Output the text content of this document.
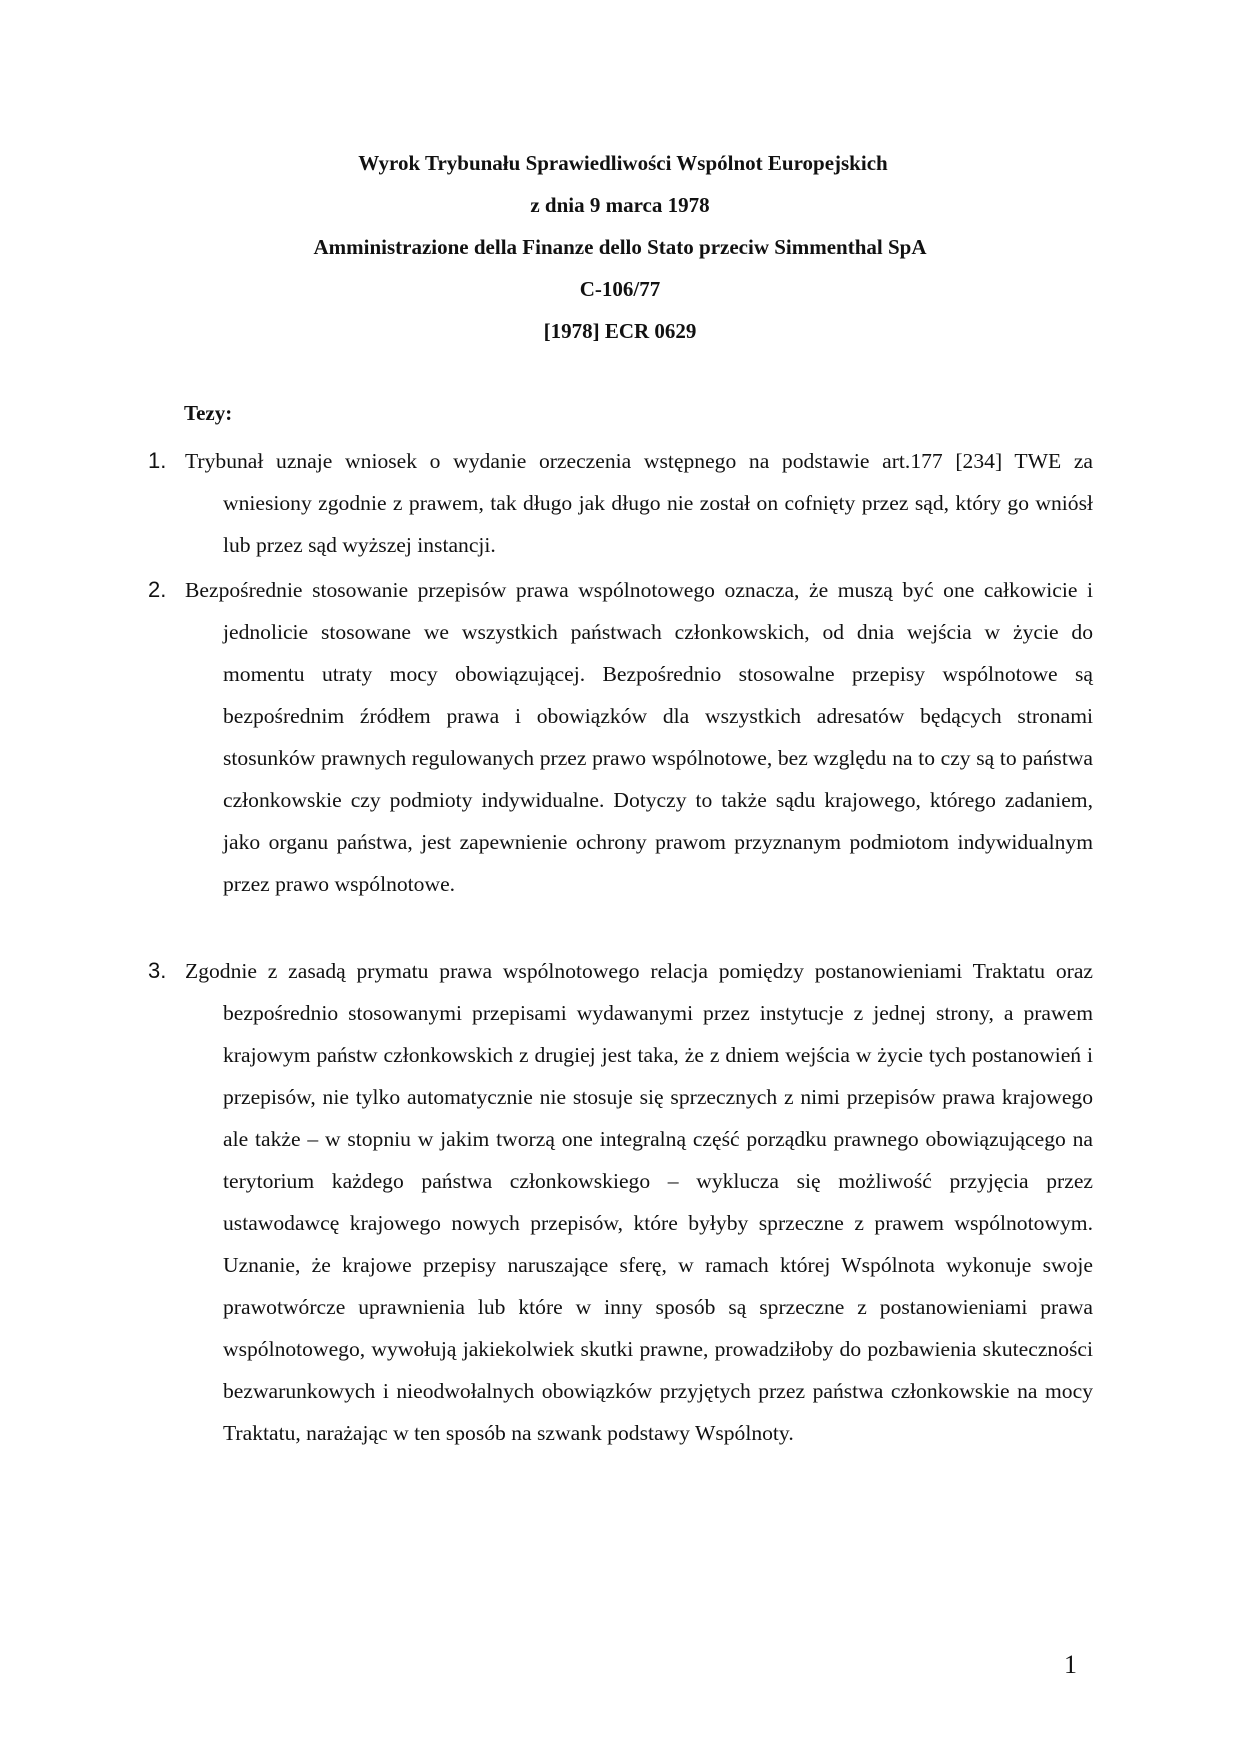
Wyrok Trybunału Sprawiedliwości Wspólnot Europejskich
z dnia 9 marca 1978
Amministrazione della Finanze dello Stato przeciw Simmenthal SpA
C-106/77
[1978] ECR 0629
Tezy:
1. Trybunał uznaje wniosek o wydanie orzeczenia wstępnego na podstawie art.177 [234] TWE za wniesiony zgodnie z prawem, tak długo jak długo nie został on cofnięty przez sąd, który go wniósł lub przez sąd wyższej instancji.
2. Bezpośrednie stosowanie przepisów prawa wspólnotowego oznacza, że muszą być one całkowicie i jednolicie stosowane we wszystkich państwach członkowskich, od dnia wejścia w życie do momentu utraty mocy obowiązującej. Bezpośrednio stosowalne przepisy wspólnotowe są bezpośrednim źródłem prawa i obowiązków dla wszystkich adresatów będących stronami stosunków prawnych regulowanych przez prawo wspólnotowe, bez względu na to czy są to państwa członkowskie czy podmioty indywidualne. Dotyczy to także sądu krajowego, którego zadaniem, jako organu państwa, jest zapewnienie ochrony prawom przyznanym podmiotom indywidualnym przez prawo wspólnotowe.
3. Zgodnie z zasadą prymatu prawa wspólnotowego relacja pomiędzy postanowieniami Traktatu oraz bezpośrednio stosowanymi przepisami wydawanymi przez instytucje z jednej strony, a prawem krajowym państw członkowskich z drugiej jest taka, że z dniem wejścia w życie tych postanowień i przepisów, nie tylko automatycznie nie stosuje się sprzecznych z nimi przepisów prawa krajowego ale także – w stopniu w jakim tworzą one integralną część porządku prawnego obowiązującego na terytorium każdego państwa członkowskiego – wyklucza się możliwość przyjęcia przez ustawodawcę krajowego nowych przepisów, które byłyby sprzeczne z prawem wspólnotowym. Uznanie, że krajowe przepisy naruszające sferę, w ramach której Wspólnota wykonuje swoje prawotwórcze uprawnienia lub które w inny sposób są sprzeczne z postanowieniami prawa wspólnotowego, wywołują jakiekolwiek skutki prawne, prowadziłoby do pozbawienia skuteczności bezwarunkowych i nieodwołalnych obowiązków przyjętych przez państwa członkowskie na mocy Traktatu, narażając w ten sposób na szwank podstawy Wspólnoty.
1
